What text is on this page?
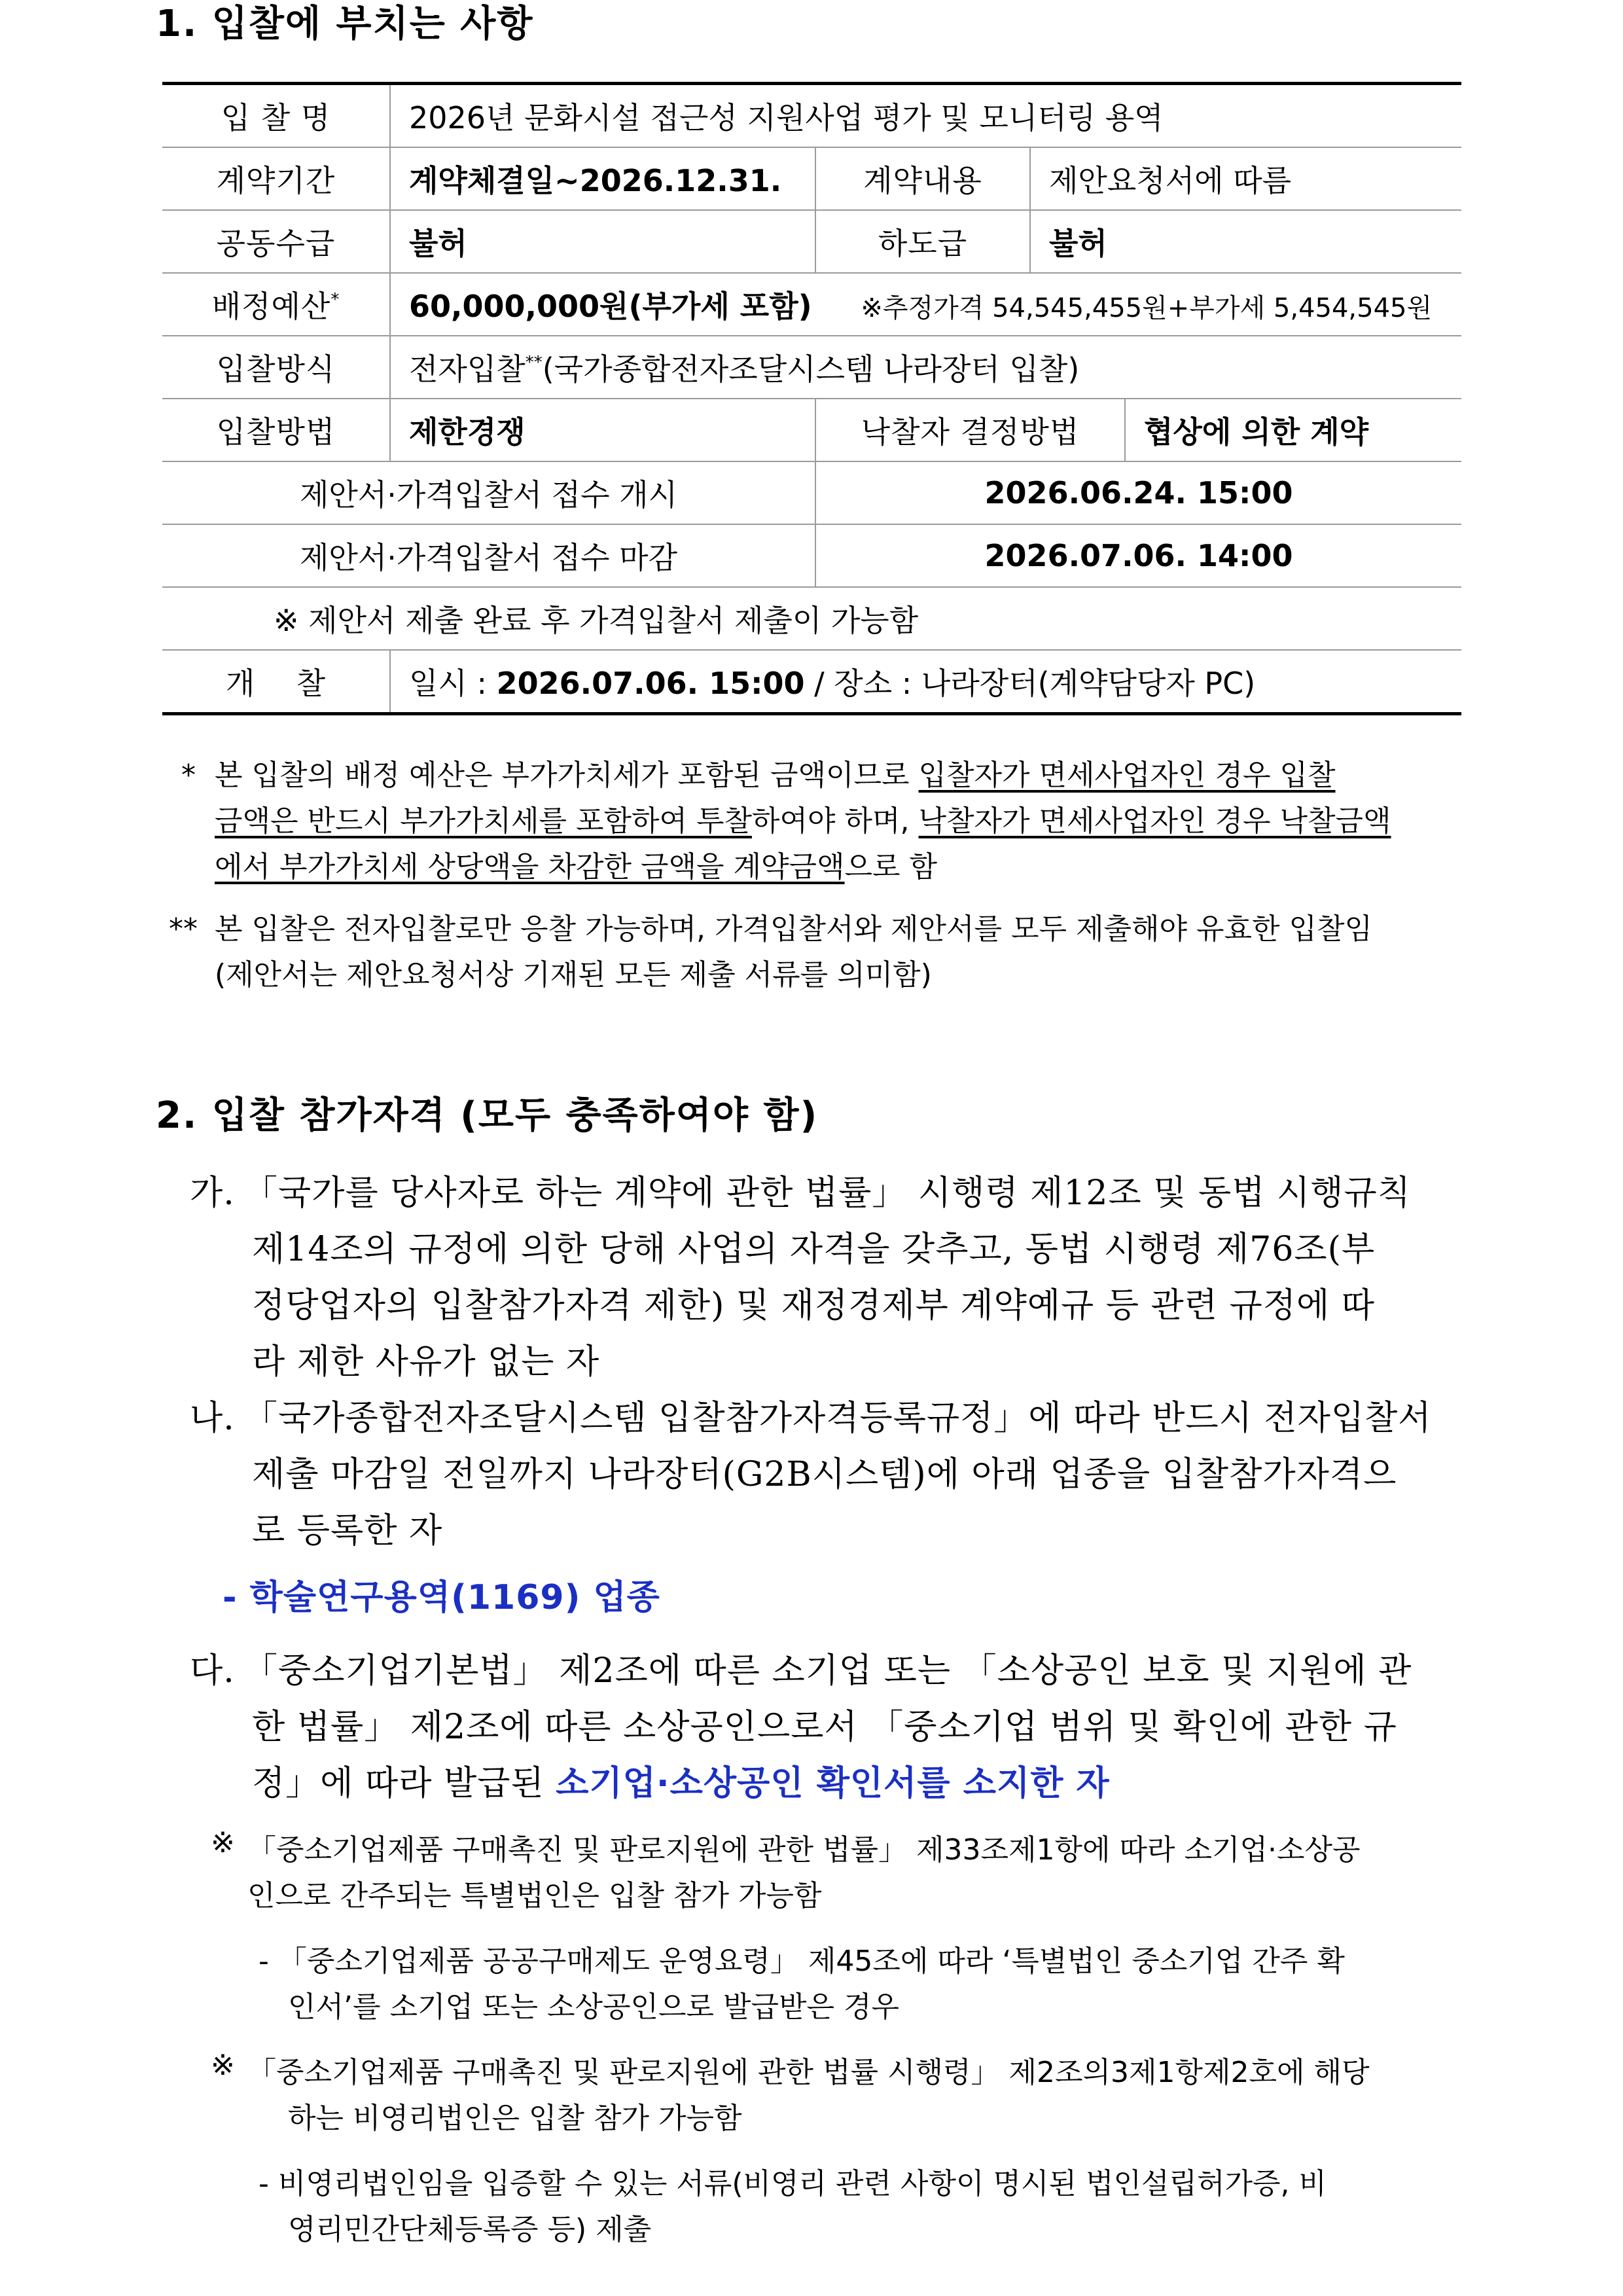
1. 입찰에 부치는 사항
입 찰 명	2026년 문화시설 접근성 지원사업 평가 및 모니터링 용역			
계약기간	계약체결일~2026.12.31.	계약내용	제안요청서에 따름	
공동수급	불허	하도급	불허	
배정예산*	60,000,000원(부가세 포함) ※추정가격 54,545,455원+부가세 5,454,545원			
입찰방식	전자입찰**(국가종합전자조달시스템 나라장터 입찰)			
입찰방법	제한경쟁	낙찰자 결정방법		협상에 의한 계약
제안서·가격입찰서 접수 개시		2026.06.24. 15:00		
제안서·가격입찰서 접수 마감		2026.07.06. 14:00		
※ 제안서 제출 완료 후 가격입찰서 제출이 가능함				
개    찰	일시 : 2026.07.06. 15:00 / 장소 : 나라장터(계약담당자 PC)			
* 본 입찰의 배정 예산은 부가가치세가 포함된 금액이므로 입찰자가 면세사업자인 경우 입찰
금액은 반드시 부가가치세를 포함하여 투찰하여야 하며, 낙찰자가 면세사업자인 경우 낙찰금액
에서 부가가치세 상당액을 차감한 금액을 계약금액으로 함
** 본 입찰은 전자입찰로만 응찰 가능하며, 가격입찰서와 제안서를 모두 제출해야 유효한 입찰임
(제안서는 제안요청서상 기재된 모든 제출 서류를 의미함)
2. 입찰 참가자격 (모두 충족하여야 함)
가. 「국가를 당사자로 하는 계약에 관한 법률」 시행령 제12조 및 동법 시행규칙
제14조의 규정에 의한 당해 사업의 자격을 갖추고, 동법 시행령 제76조(부
정당업자의 입찰참가자격 제한) 및 재정경제부 계약예규 등 관련 규정에 따
라 제한 사유가 없는 자
나. 「국가종합전자조달시스템 입찰참가자격등록규정」에 따라 반드시 전자입찰서
제출 마감일 전일까지 나라장터(G2B시스템)에 아래 업종을 입찰참가자격으
로 등록한 자
- 학술연구용역(1169) 업종
다. 「중소기업기본법」 제2조에 따른 소기업 또는 「소상공인 보호 및 지원에 관
한 법률」 제2조에 따른 소상공인으로서 「중소기업 범위 및 확인에 관한 규
정」에 따라 발급된 소기업·소상공인 확인서를 소지한 자
※ 「중소기업제품 구매촉진 및 판로지원에 관한 법률」 제33조제1항에 따라 소기업·소상공
인으로 간주되는 특별법인은 입찰 참가 가능함
- 「중소기업제품 공공구매제도 운영요령」 제45조에 따라 ‘특별법인 중소기업 간주 확
인서’를 소기업 또는 소상공인으로 발급받은 경우
※ 「중소기업제품 구매촉진 및 판로지원에 관한 법률 시행령」 제2조의3제1항제2호에 해당
하는 비영리법인은 입찰 참가 가능함
- 비영리법인임을 입증할 수 있는 서류(비영리 관련 사항이 명시된 법인설립허가증, 비
영리민간단체등록증 등) 제출
